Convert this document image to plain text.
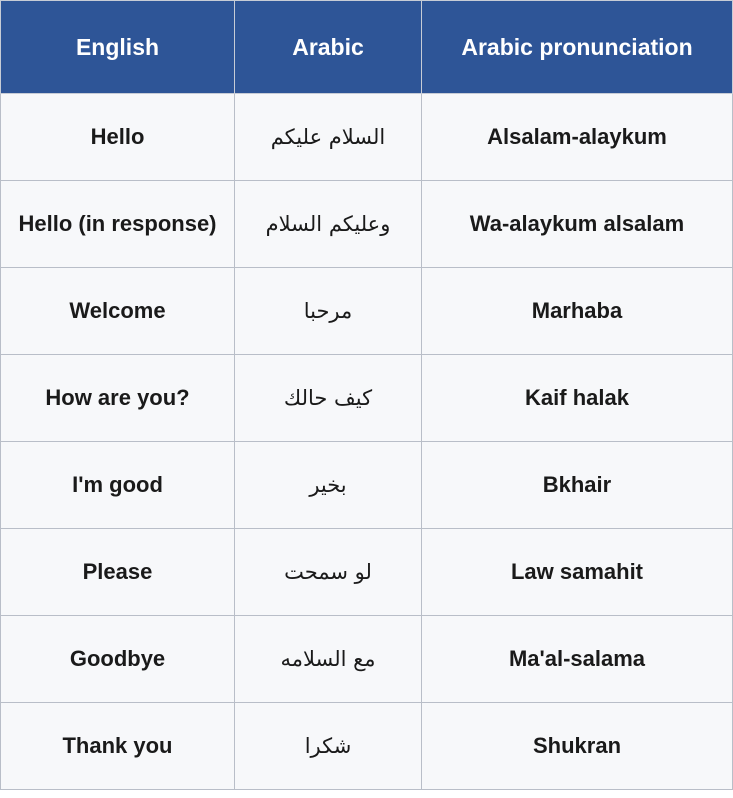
English	Arabic	Arabic pronunciation
Hello	السلام عليكم	Alsalam-alaykum
Hello (in response)	وعليكم السلام	Wa-alaykum alsalam
Welcome	مرحبا	Marhaba
How are you?	كيف حالك	Kaif halak
I'm good	بخير	Bkhair
Please	لو سمحت	Law samahit
Goodbye	مع السلامه	Ma'al-salama
Thank you	شكرا	Shukran
